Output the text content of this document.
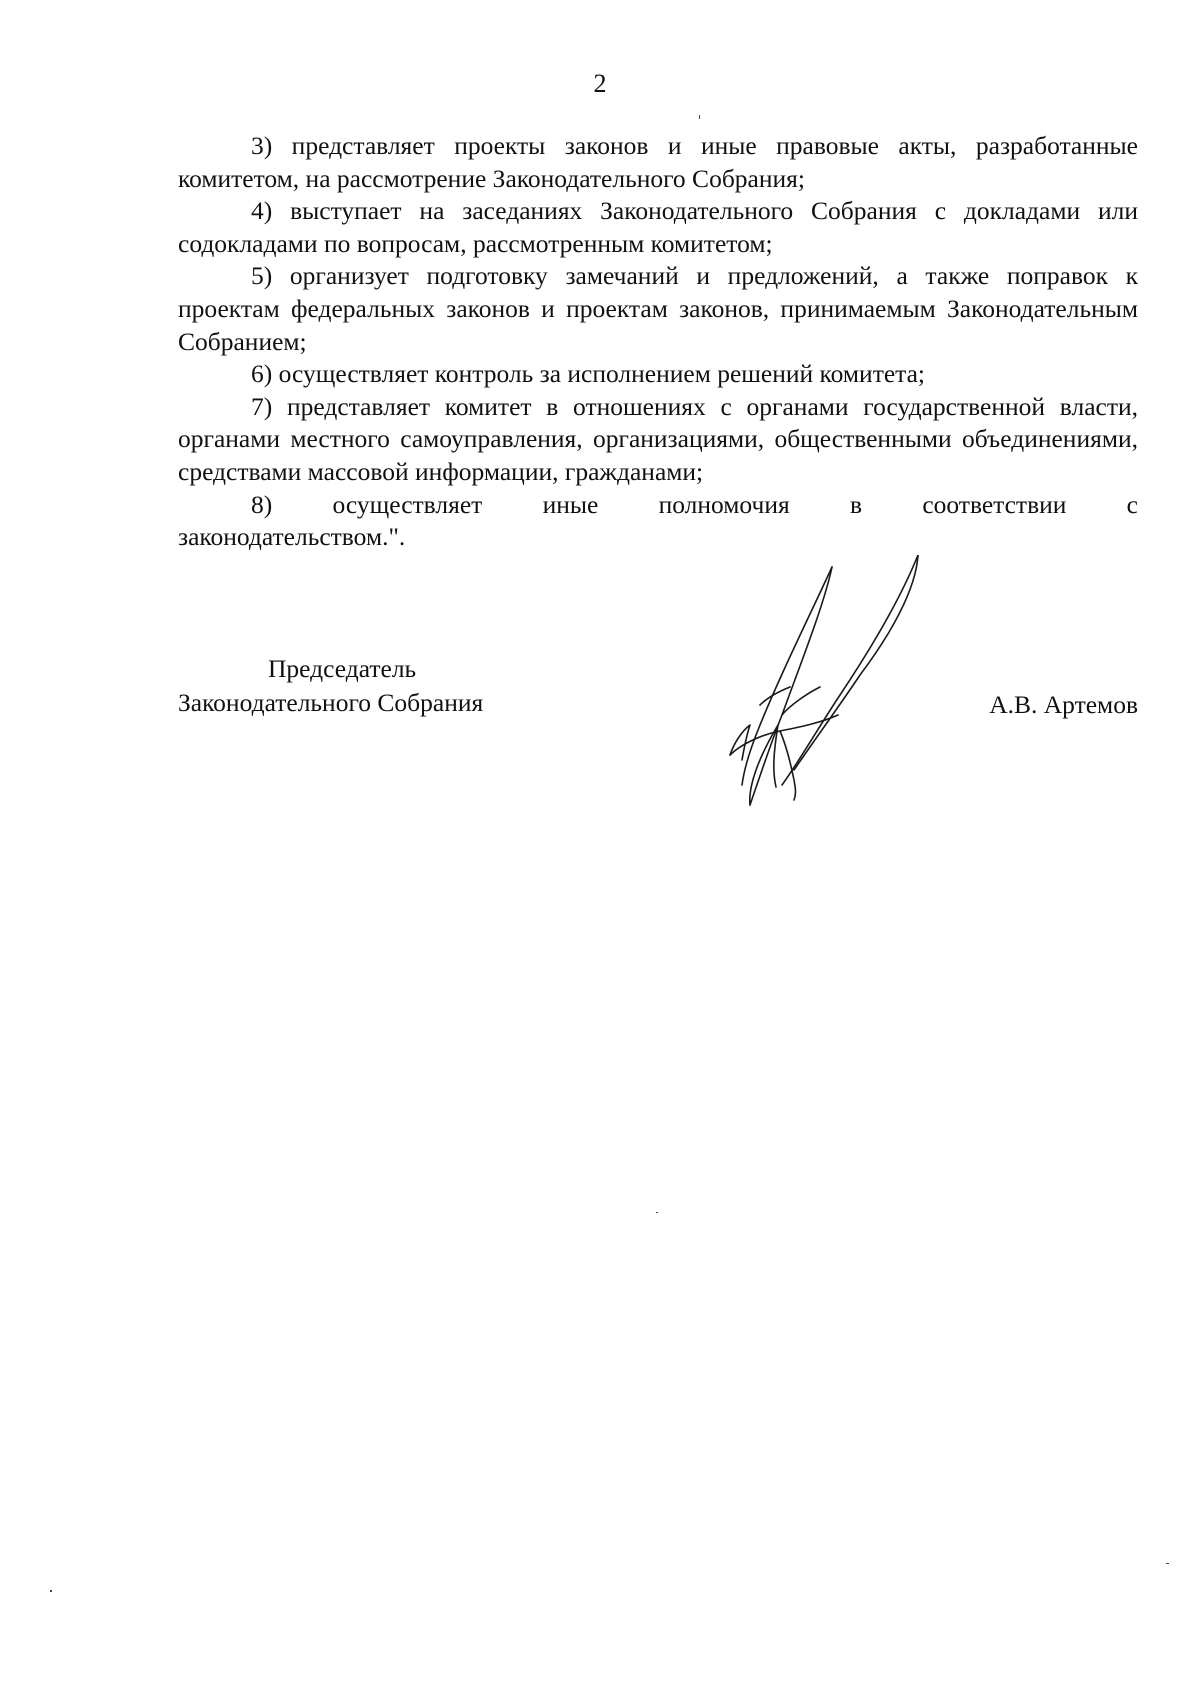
2

3) представляет проекты законов и иные правовые акты, разработанные комитетом, на рассмотрение Законодательного Собрания;

4) выступает на заседаниях Законодательного Собрания с докладами или содокладами по вопросам, рассмотренным комитетом;

5) организует подготовку замечаний и предложений, а также поправок к проектам федеральных законов и проектам законов, принимаемым Законодательным Собранием;

6) осуществляет контроль за исполнением решений комитета;

7) представляет комитет в отношениях с органами государственной власти, органами местного самоуправления, организациями, общественными объединениями, средствами массовой информации, гражданами;

8) осуществляет иные полномочия в соответствии с

законодательством.".

Председатель
Законодательного Собрания	А.В. Артемов
